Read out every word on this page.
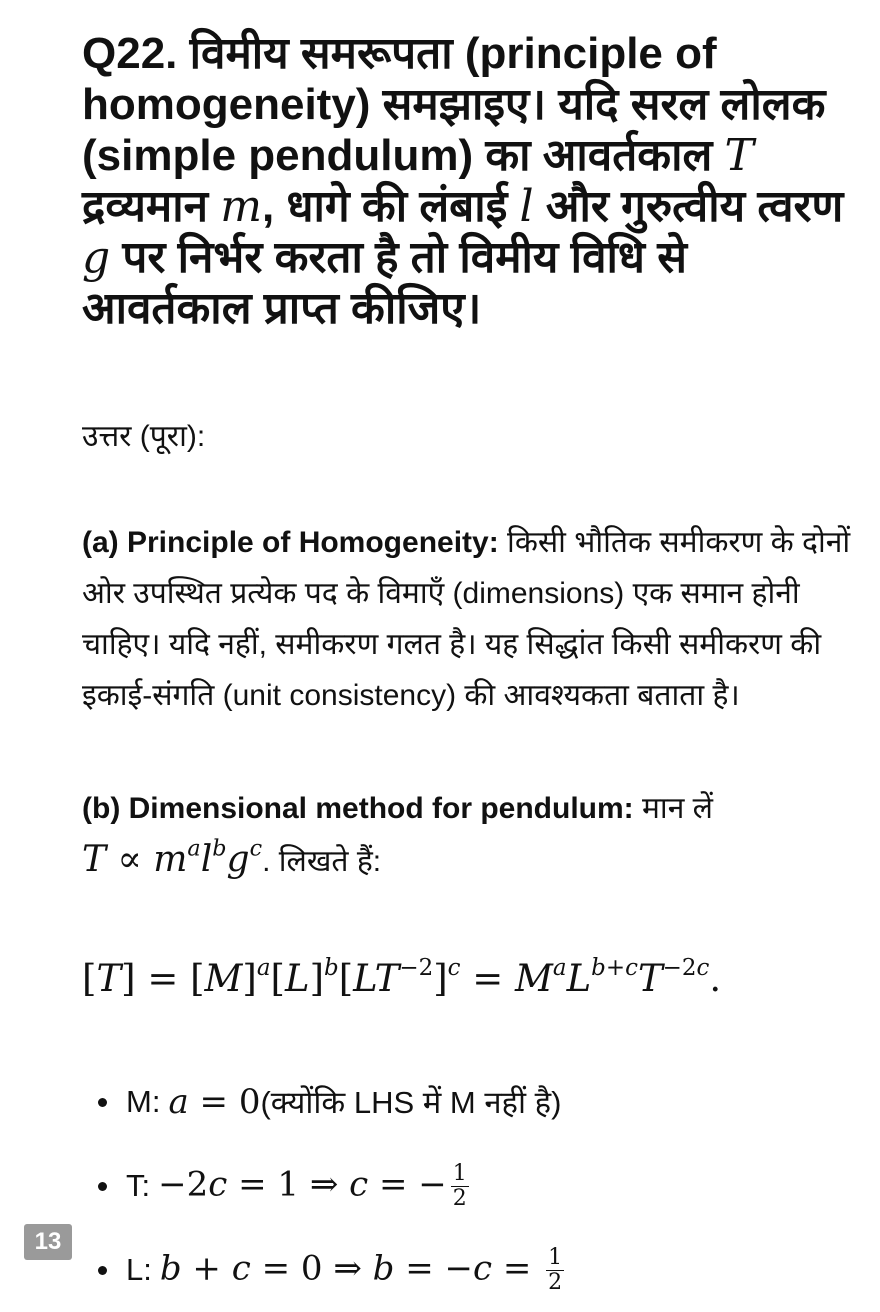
Q22. विमीय समरूपता (principle of homogeneity) समझाइए। यदि सरल लोलक (simple pendulum) का आवर्तकाल T द्रव्यमान m, धागे की लंबाई l और गुरुत्वीय त्वरण g पर निर्भर करता है तो विमीय विधि से आवर्तकाल प्राप्त कीजिए।

उत्तर (पूरा):
(a) Principle of Homogeneity: किसी भौतिक समीकरण के दोनों ओर उपस्थित प्रत्येक पद के विमाएँ (dimensions) एक समान होनी चाहिए। यदि नहीं, समीकरण गलत है। यह सिद्धांत किसी समीकरण की इकाई-संगति (unit consistency) की आवश्यकता बताता है।
(b) Dimensional method for pendulum: मान लें
$T \propto m^al^bg^c$. लिखते हैं:
$[T] = [M]^a[L]^b[LT^{-2}]^c = M^aL^{b+c}T^{-2c}$.
M: a = 0 (क्योंकि LHS में M नहीं है)
T: −2c = 1 ⇒ c = − $\frac{1}{2}$
L: b + c = 0 ⇒ $b = -c = \frac{1}{2}$
13
